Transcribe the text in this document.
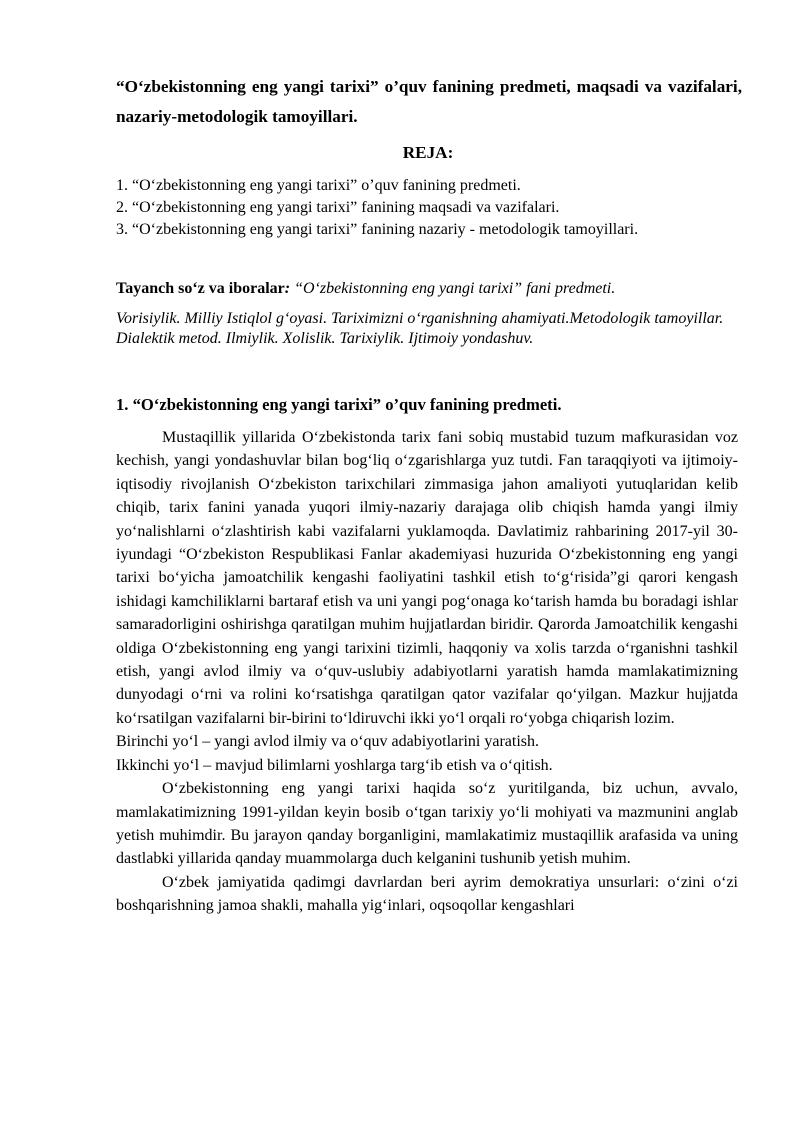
“O‘zbekistonning eng yangi tarixi” o’quv fanining predmeti, maqsadi va vazifalari, nazariy-metodologik tamoyillari.
REJA:
1. “O‘zbekistonning eng yangi tarixi” o’quv fanining predmeti.
2. “O‘zbekistonning eng yangi tarixi” fanining maqsadi va vazifalari.
3. “O‘zbekistonning eng yangi tarixi” fanining nazariy - metodologik tamoyillari.
Tayanch so‘z va iboralar: “O‘zbekistonning eng yangi tarixi” fani predmeti.
Vorisiylik. Milliy Istiqlol g‘oyasi. Tariximizni o‘rganishning ahamiyati.Metodologik tamoyillar. Dialektik metod. Ilmiylik. Xolislik. Tarixiylik. Ijtimoiy yondashuv.
1. “O‘zbekistonning eng yangi tarixi” o’quv fanining predmeti.

Mustaqillik yillarida O‘zbekistonda tarix fani sobiq mustabid tuzum mafkurasidan voz kechish, yangi yondashuvlar bilan bog‘liq o‘zgarishlarga yuz tutdi. Fan taraqqiyoti va ijtimoiy-iqtisodiy rivojlanish O‘zbekiston tarixchilari zimmasiga jahon amaliyoti yutuqlaridan kelib chiqib, tarix fanini yanada yuqori ilmiy-nazariy darajaga olib chiqish hamda yangi ilmiy yo‘nalishlarni o‘zlashtirish kabi vazifalarni yuklamoqda. Davlatimiz rahbarining 2017-yil 30-iyundagi “O‘zbekiston Respublikasi Fanlar akademiyasi huzurida O‘zbekistonning eng yangi tarixi bo‘yicha jamoatchilik kengashi faoliyatini tashkil etish to‘g‘risida”gi qarori kengash ishidagi kamchiliklarni bartaraf etish va uni yangi pog‘onaga ko‘tarish hamda bu boradagi ishlar samaradorligini oshirishga qaratilgan muhim hujjatlardan biridir. Qarorda Jamoatchilik kengashi oldiga O‘zbekistonning eng yangi tarixini tizimli, haqqoniy va xolis tarzda o‘rganishni tashkil etish, yangi avlod ilmiy va o‘quv-uslubiy adabiyotlarni yaratish hamda mamlakatimizning dunyodagi o‘rni va rolini ko‘rsatishga qaratilgan qator vazifalar qo‘yilgan. Mazkur hujjatda ko‘rsatilgan vazifalarni bir-birini to‘ldiruvchi ikki yo‘l orqali ro‘yobga chiqarish lozim.

Birinchi yo‘l – yangi avlod ilmiy va o‘quv adabiyotlarini yaratish.

Ikkinchi yo‘l – mavjud bilimlarni yoshlarga targ‘ib etish va o‘qitish.

O‘zbekistonning eng yangi tarixi haqida so‘z yuritilganda, biz uchun, avvalo, mamlakatimizning 1991-yildan keyin bosib o‘tgan tarixiy yo‘li mohiyati va mazmunini anglab yetish muhimdir. Bu jarayon qanday borganligini, mamlakatimiz mustaqillik arafasida va uning dastlabki yillarida qanday muammolarga duch kelganini tushunib yetish muhim.

O‘zbek jamiyatida qadimgi davrlardan beri ayrim demokratiya unsurlari: o‘zini o‘zi boshqarishning jamoa shakli, mahalla yig‘inlari, oqsoqollar kengashlari
